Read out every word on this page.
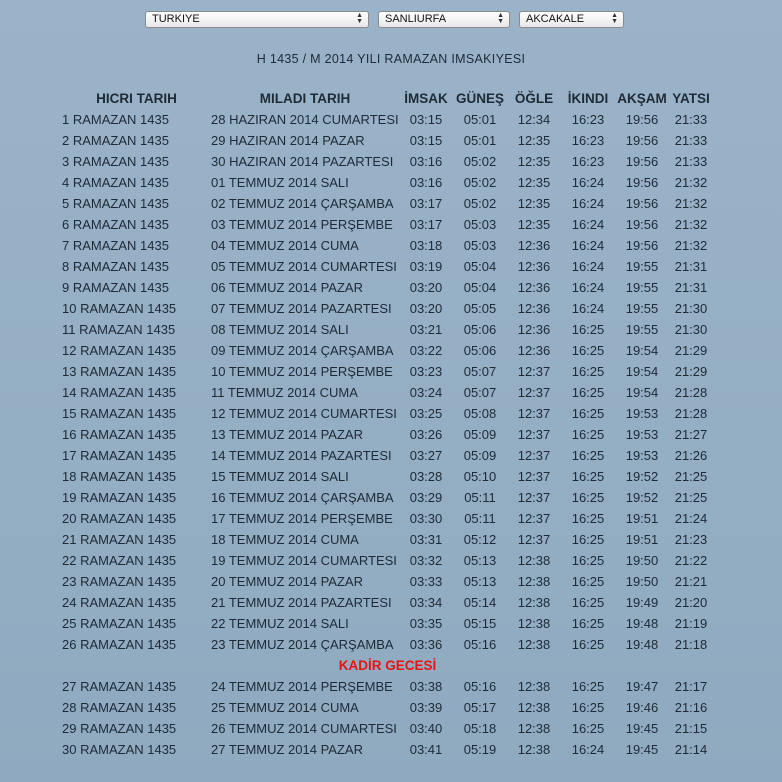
TURKIYE	▲
▼	SANLIURFA	▲
▼	AKCAKALE	▲
▼
H 1435 / M 2014 YILI RAMAZAN IMSAKIYESI
HICRI TARIH	MILADI TARIH	İMSAK	GÜNEŞ	ÖĞLE	İKINDI	AKŞAM	YATSI
1 RAMAZAN 1435	28 HAZIRAN 2014 CUMARTESI	03:15	05:01	12:34	16:23	19:56	21:33
2 RAMAZAN 1435	29 HAZIRAN 2014 PAZAR	03:15	05:01	12:35	16:23	19:56	21:33
3 RAMAZAN 1435	30 HAZIRAN 2014 PAZARTESI	03:16	05:02	12:35	16:23	19:56	21:33
4 RAMAZAN 1435	01 TEMMUZ 2014 SALI	03:16	05:02	12:35	16:24	19:56	21:32
5 RAMAZAN 1435	02 TEMMUZ 2014 ÇARŞAMBA	03:17	05:02	12:35	16:24	19:56	21:32
6 RAMAZAN 1435	03 TEMMUZ 2014 PERŞEMBE	03:17	05:03	12:35	16:24	19:56	21:32
7 RAMAZAN 1435	04 TEMMUZ 2014 CUMA	03:18	05:03	12:36	16:24	19:56	21:32
8 RAMAZAN 1435	05 TEMMUZ 2014 CUMARTESI	03:19	05:04	12:36	16:24	19:55	21:31
9 RAMAZAN 1435	06 TEMMUZ 2014 PAZAR	03:20	05:04	12:36	16:24	19:55	21:31
10 RAMAZAN 1435	07 TEMMUZ 2014 PAZARTESI	03:20	05:05	12:36	16:24	19:55	21:30
11 RAMAZAN 1435	08 TEMMUZ 2014 SALI	03:21	05:06	12:36	16:25	19:55	21:30
12 RAMAZAN 1435	09 TEMMUZ 2014 ÇARŞAMBA	03:22	05:06	12:36	16:25	19:54	21:29
13 RAMAZAN 1435	10 TEMMUZ 2014 PERŞEMBE	03:23	05:07	12:37	16:25	19:54	21:29
14 RAMAZAN 1435	11 TEMMUZ 2014 CUMA	03:24	05:07	12:37	16:25	19:54	21:28
15 RAMAZAN 1435	12 TEMMUZ 2014 CUMARTESI	03:25	05:08	12:37	16:25	19:53	21:28
16 RAMAZAN 1435	13 TEMMUZ 2014 PAZAR	03:26	05:09	12:37	16:25	19:53	21:27
17 RAMAZAN 1435	14 TEMMUZ 2014 PAZARTESI	03:27	05:09	12:37	16:25	19:53	21:26
18 RAMAZAN 1435	15 TEMMUZ 2014 SALI	03:28	05:10	12:37	16:25	19:52	21:25
19 RAMAZAN 1435	16 TEMMUZ 2014 ÇARŞAMBA	03:29	05:11	12:37	16:25	19:52	21:25
20 RAMAZAN 1435	17 TEMMUZ 2014 PERŞEMBE	03:30	05:11	12:37	16:25	19:51	21:24
21 RAMAZAN 1435	18 TEMMUZ 2014 CUMA	03:31	05:12	12:37	16:25	19:51	21:23
22 RAMAZAN 1435	19 TEMMUZ 2014 CUMARTESI	03:32	05:13	12:38	16:25	19:50	21:22
23 RAMAZAN 1435	20 TEMMUZ 2014 PAZAR	03:33	05:13	12:38	16:25	19:50	21:21
24 RAMAZAN 1435	21 TEMMUZ 2014 PAZARTESI	03:34	05:14	12:38	16:25	19:49	21:20
25 RAMAZAN 1435	22 TEMMUZ 2014 SALI	03:35	05:15	12:38	16:25	19:48	21:19
26 RAMAZAN 1435	23 TEMMUZ 2014 ÇARŞAMBA	03:36	05:16	12:38	16:25	19:48	21:18
KADİR GECESİ							
27 RAMAZAN 1435	24 TEMMUZ 2014 PERŞEMBE	03:38	05:16	12:38	16:25	19:47	21:17
28 RAMAZAN 1435	25 TEMMUZ 2014 CUMA	03:39	05:17	12:38	16:25	19:46	21:16
29 RAMAZAN 1435	26 TEMMUZ 2014 CUMARTESI	03:40	05:18	12:38	16:25	19:45	21:15
30 RAMAZAN 1435	27 TEMMUZ 2014 PAZAR	03:41	05:19	12:38	16:24	19:45	21:14
